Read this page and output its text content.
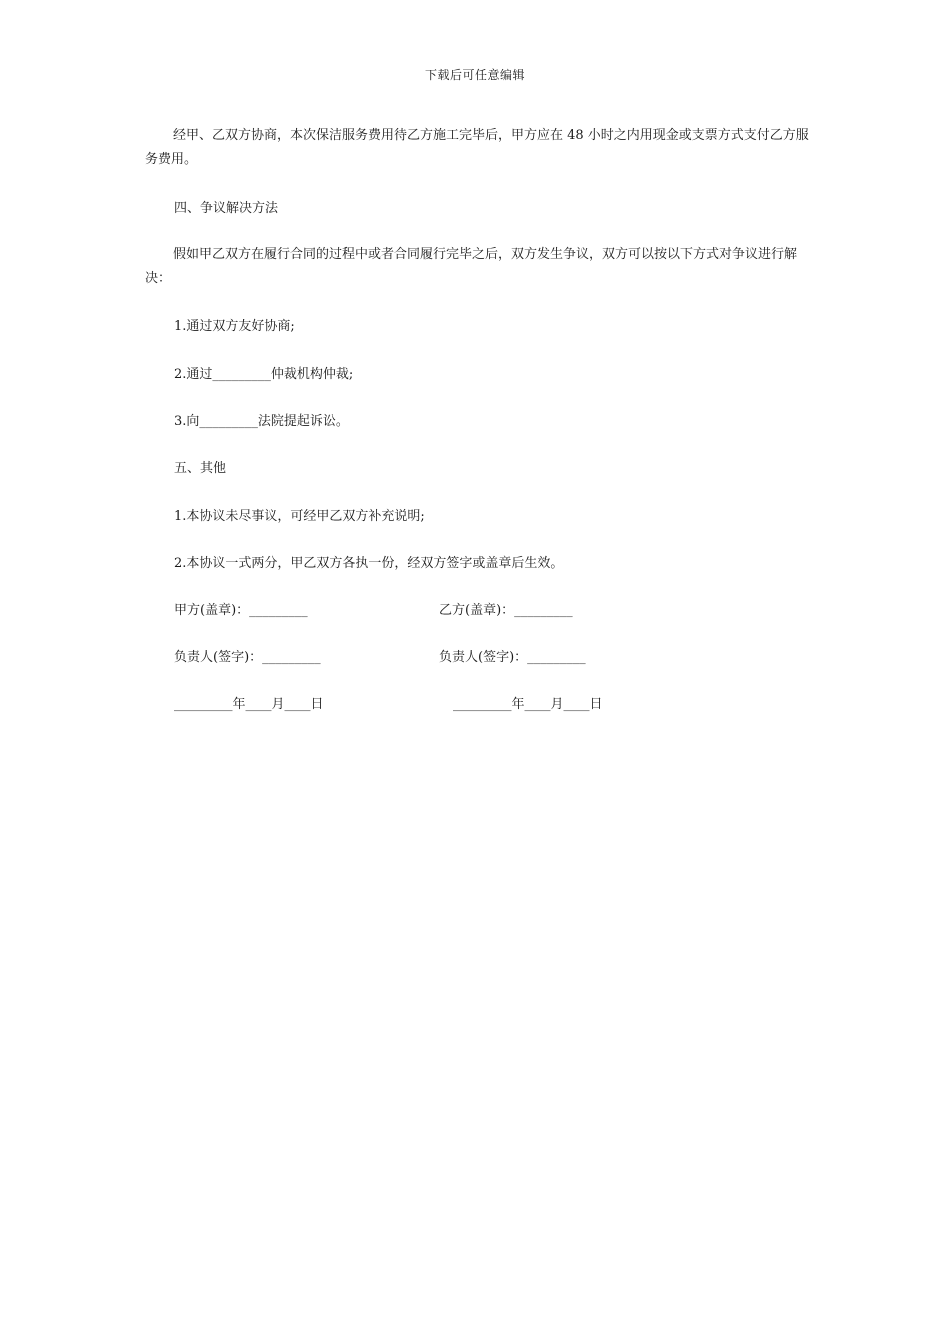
下载后可任意编辑
经甲、乙双方协商，本次保洁服务费用待乙方施工完毕后，甲方应在 48 小时之内用现金或支票方式支付乙方服务费用。
四、争议解决方法
假如甲乙双方在履行合同的过程中或者合同履行完毕之后，双方发生争议，双方可以按以下方式对争议进行解决：
1.通过双方友好协商;
2.通过_________仲裁机构仲裁;
3.向_________法院提起诉讼。
五、其他
1.本协议未尽事议，可经甲乙双方补充说明;
2.本协议一式两分，甲乙双方各执一份，经双方签字或盖章后生效。
甲方(盖章)：_________	乙方(盖章)：_________
负责人(签字)：_________	负责人(签字)：_________
_________年____月____日	_________年____月____日
